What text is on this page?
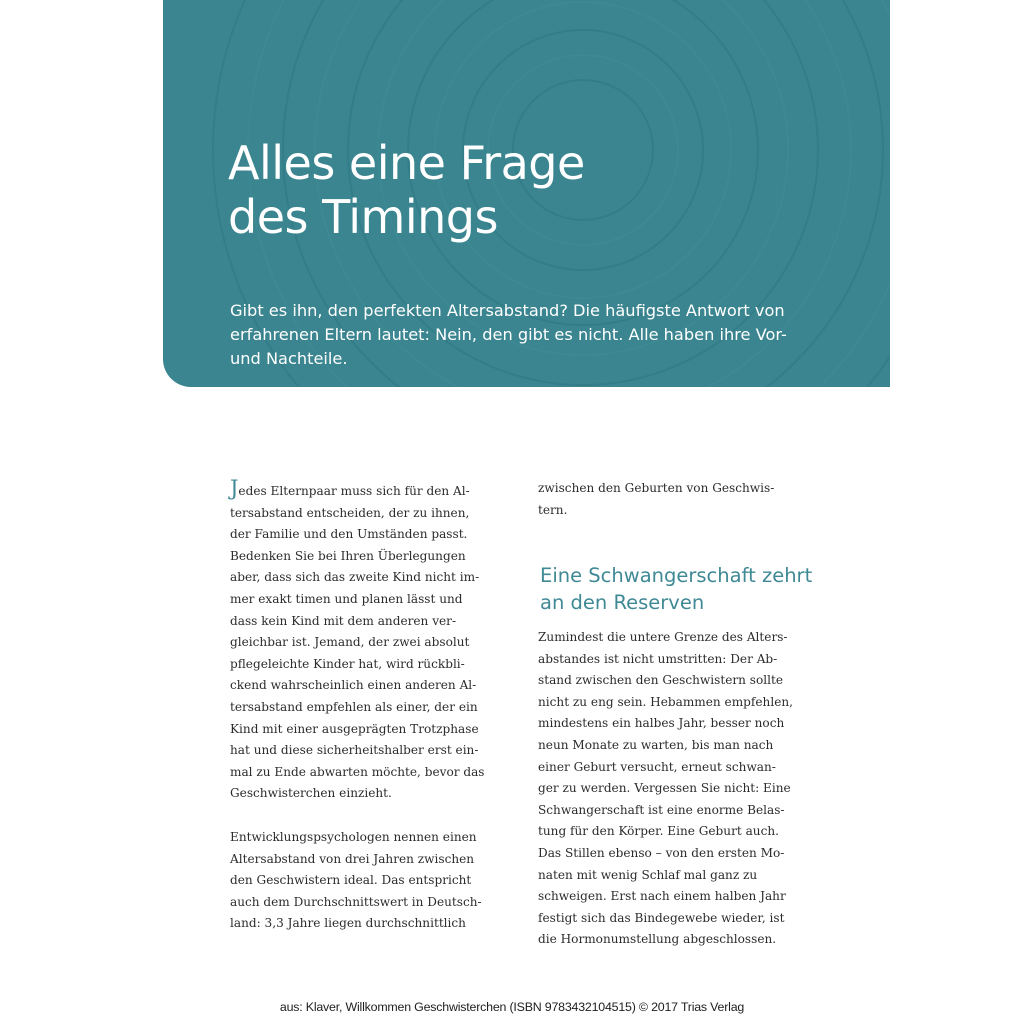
Alles eine Frage
des Timings

Gibt es ihn, den perfekten Altersabstand? Die häufigste Antwort von
erfahrenen Eltern lautet: Nein, den gibt es nicht. Alle haben ihre Vor-
und Nachteile.

Jedes Elternpaar muss sich für den Al-
tersabstand entscheiden, der zu ihnen,
der Familie und den Umständen passt.
Bedenken Sie bei Ihren Überlegungen
aber, dass sich das zweite Kind nicht im-
mer exakt timen und planen lässt und
dass kein Kind mit dem anderen ver-
gleichbar ist. Jemand, der zwei absolut
pflegeleichte Kinder hat, wird rückbli-
ckend wahrscheinlich einen anderen Al-
tersabstand empfehlen als einer, der ein
Kind mit einer ausgeprägten Trotzphase
hat und diese sicherheitshalber erst ein-
mal zu Ende abwarten möchte, bevor das
Geschwisterchen einzieht.

Entwicklungspsychologen nennen einen
Altersabstand von drei Jahren zwischen
den Geschwistern ideal. Das entspricht
auch dem Durchschnittswert in Deutsch-
land: 3,3 Jahre liegen durchschnittlich

zwischen den Geburten von Geschwis-
tern.

Eine Schwangerschaft zehrt
an den Reserven

Zumindest die untere Grenze des Alters-
abstandes ist nicht umstritten: Der Ab-
stand zwischen den Geschwistern sollte
nicht zu eng sein. Hebammen empfehlen,
mindestens ein halbes Jahr, besser noch
neun Monate zu warten, bis man nach
einer Geburt versucht, erneut schwan-
ger zu werden. Vergessen Sie nicht: Eine
Schwangerschaft ist eine enorme Belas-
tung für den Körper. Eine Geburt auch.
Das Stillen ebenso – von den ersten Mo-
naten mit wenig Schlaf mal ganz zu
schweigen. Erst nach einem halben Jahr
festigt sich das Bindegewebe wieder, ist
die Hormonumstellung abgeschlossen.

aus: Klaver, Willkommen Geschwisterchen (ISBN 9783432104515) © 2017 Trias Verlag
